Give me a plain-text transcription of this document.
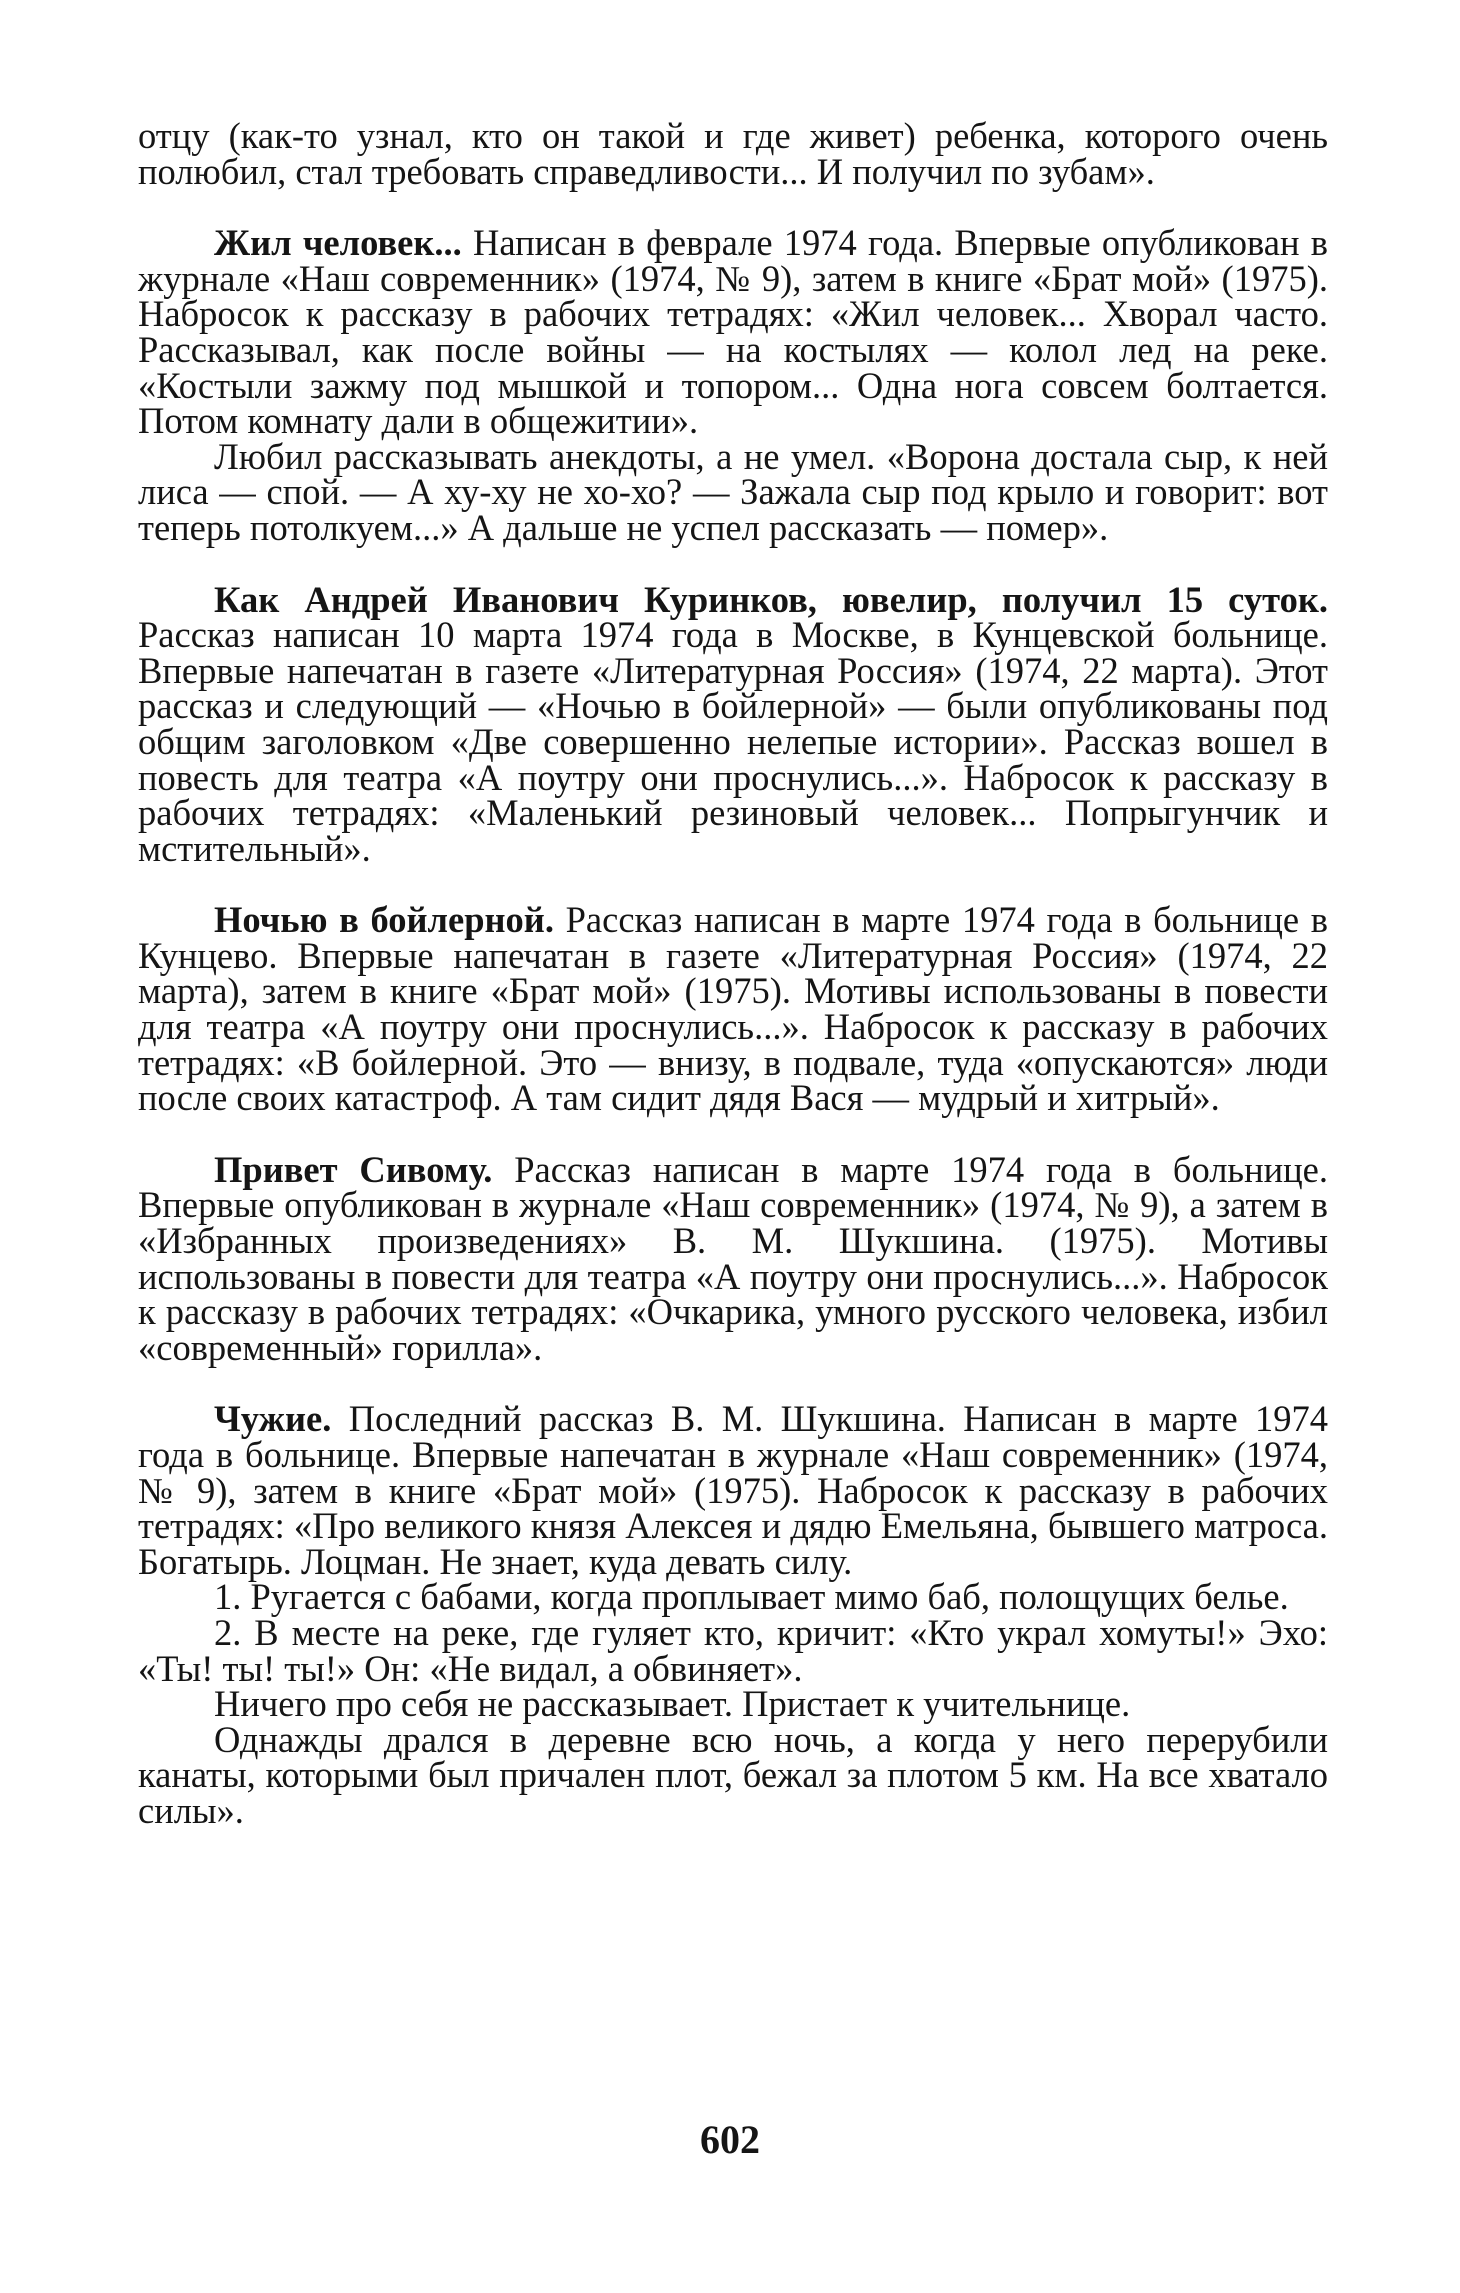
отцу (как-то узнал, кто он такой и где живет) ребенка, которого очень полюбил, стал требовать справедливости... И получил по зубам».

Жил человек... Написан в феврале 1974 года. Впервые опубликован в журнале «Наш современник» (1974, № 9), затем в книге «Брат мой» (1975). Набросок к рассказу в рабочих тетрадях: «Жил человек... Хворал часто. Рассказывал, как после войны — на костылях — колол лед на реке. «Костыли зажму под мышкой и топором... Одна нога совсем болтается. Потом комнату дали в общежитии».

Любил рассказывать анекдоты, а не умел. «Ворона достала сыр, к ней лиса — спой. — А ху-ху не хо-хо? — Зажала сыр под крыло и говорит: вот теперь потолкуем...» А дальше не успел рассказать — помер».

Как Андрей Иванович Куринков, ювелир, получил 15 суток. Рассказ написан 10 марта 1974 года в Москве, в Кунцевской больнице. Впервые напечатан в газете «Литературная Россия» (1974, 22 марта). Этот рассказ и следующий — «Ночью в бойлерной» — были опубликованы под общим заголовком «Две совершенно нелепые истории». Рассказ вошел в повесть для театра «А поутру они проснулись...». Набросок к рассказу в рабочих тетрадях: «Маленький резиновый человек... Попрыгунчик и мстительный».

Ночью в бойлерной. Рассказ написан в марте 1974 года в больнице в Кунцево. Впервые напечатан в газете «Литературная Россия» (1974, 22 марта), затем в книге «Брат мой» (1975). Мотивы использованы в повести для театра «А поутру они проснулись...». Набросок к рассказу в рабочих тетрадях: «В бойлерной. Это — внизу, в подвале, туда «опускаются» люди после своих катастроф. А там сидит дядя Вася — мудрый и хитрый».

Привет Сивому. Рассказ написан в марте 1974 года в больнице. Впервые опубликован в журнале «Наш современник» (1974, № 9), а затем в «Избранных произведениях» В. М. Шукшина. (1975). Мотивы использованы в повести для театра «А поутру они проснулись...». Набросок к рассказу в рабочих тетрадях: «Очкарика, умного русского человека, избил «современный» горилла».

Чужие. Последний рассказ В. М. Шукшина. Написан в марте 1974 года в больнице. Впервые напечатан в журнале «Наш современник» (1974, № 9), затем в книге «Брат мой» (1975). Набросок к рассказу в рабочих тетрадях: «Про великого князя Алексея и дядю Емельяна, бывшего матроса. Богатырь. Лоцман. Не знает, куда девать силу.

1. Ругается с бабами, когда проплывает мимо баб, полощущих белье.

2. В месте на реке, где гуляет кто, кричит: «Кто украл хомуты!» Эхо: «Ты! ты! ты!» Он: «Не видал, а обвиняет».

Ничего про себя не рассказывает. Пристает к учительнице.

Однажды дрался в деревне всю ночь, а когда у него перерубили канаты, которыми был причален плот, бежал за плотом 5 км. На все хватало силы».

602
